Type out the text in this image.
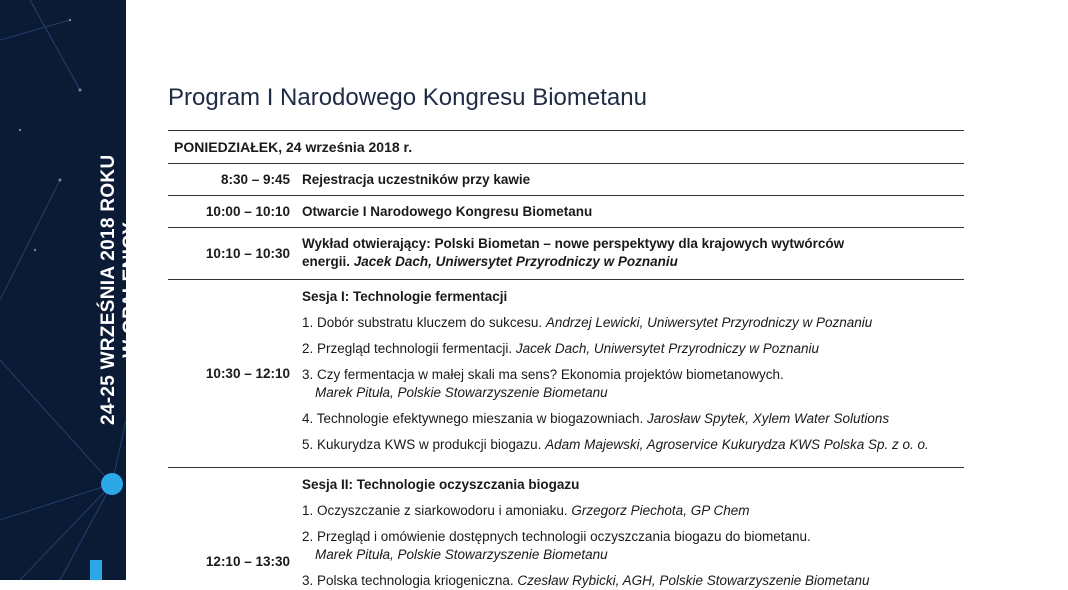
24-25 WRZEŚNIA 2018 ROKU W OPALENICY
Program I Narodowego Kongresu Biometanu
PONIEDZIAŁEK, 24 września 2018 r.
8:30 – 9:45 Rejestracja uczestników przy kawie
10:00 – 10:10 Otwarcie I Narodowego Kongresu Biometanu
10:10 – 10:30
Wykład otwierający: Polski Biometan – nowe perspektywy dla krajowych wytwórców
energii. Jacek Dach, Uniwersytet Przyrodniczy w Poznaniu
10:30 – 12:10
Sesja I: Technologie fermentacji
1. Dobór substratu kluczem do sukcesu. Andrzej Lewicki, Uniwersytet Przyrodniczy w Poznaniu
2. Przegląd technologii fermentacji. Jacek Dach, Uniwersytet Przyrodniczy w Poznaniu
3. Czy fermentacja w małej skali ma sens? Ekonomia projektów biometanowych.
Marek Pituła, Polskie Stowarzyszenie Biometanu
4. Technologie efektywnego mieszania w biogazowniach. Jarosław Spytek, Xylem Water Solutions
5. Kukurydza KWS w produkcji biogazu. Adam Majewski, Agroservice Kukurydza KWS Polska Sp. z o. o.
12:10 – 13:30
Sesja II: Technologie oczyszczania biogazu
1. Oczyszczanie z siarkowodoru i amoniaku. Grzegorz Piechota, GP Chem
2. Przegląd i omówienie dostępnych technologii oczyszczania biogazu do biometanu.
Marek Pituła, Polskie Stowarzyszenie Biometanu
3. Polska technologia kriogeniczna. Czesław Rybicki, AGH, Polskie Stowarzyszenie Biometanu
